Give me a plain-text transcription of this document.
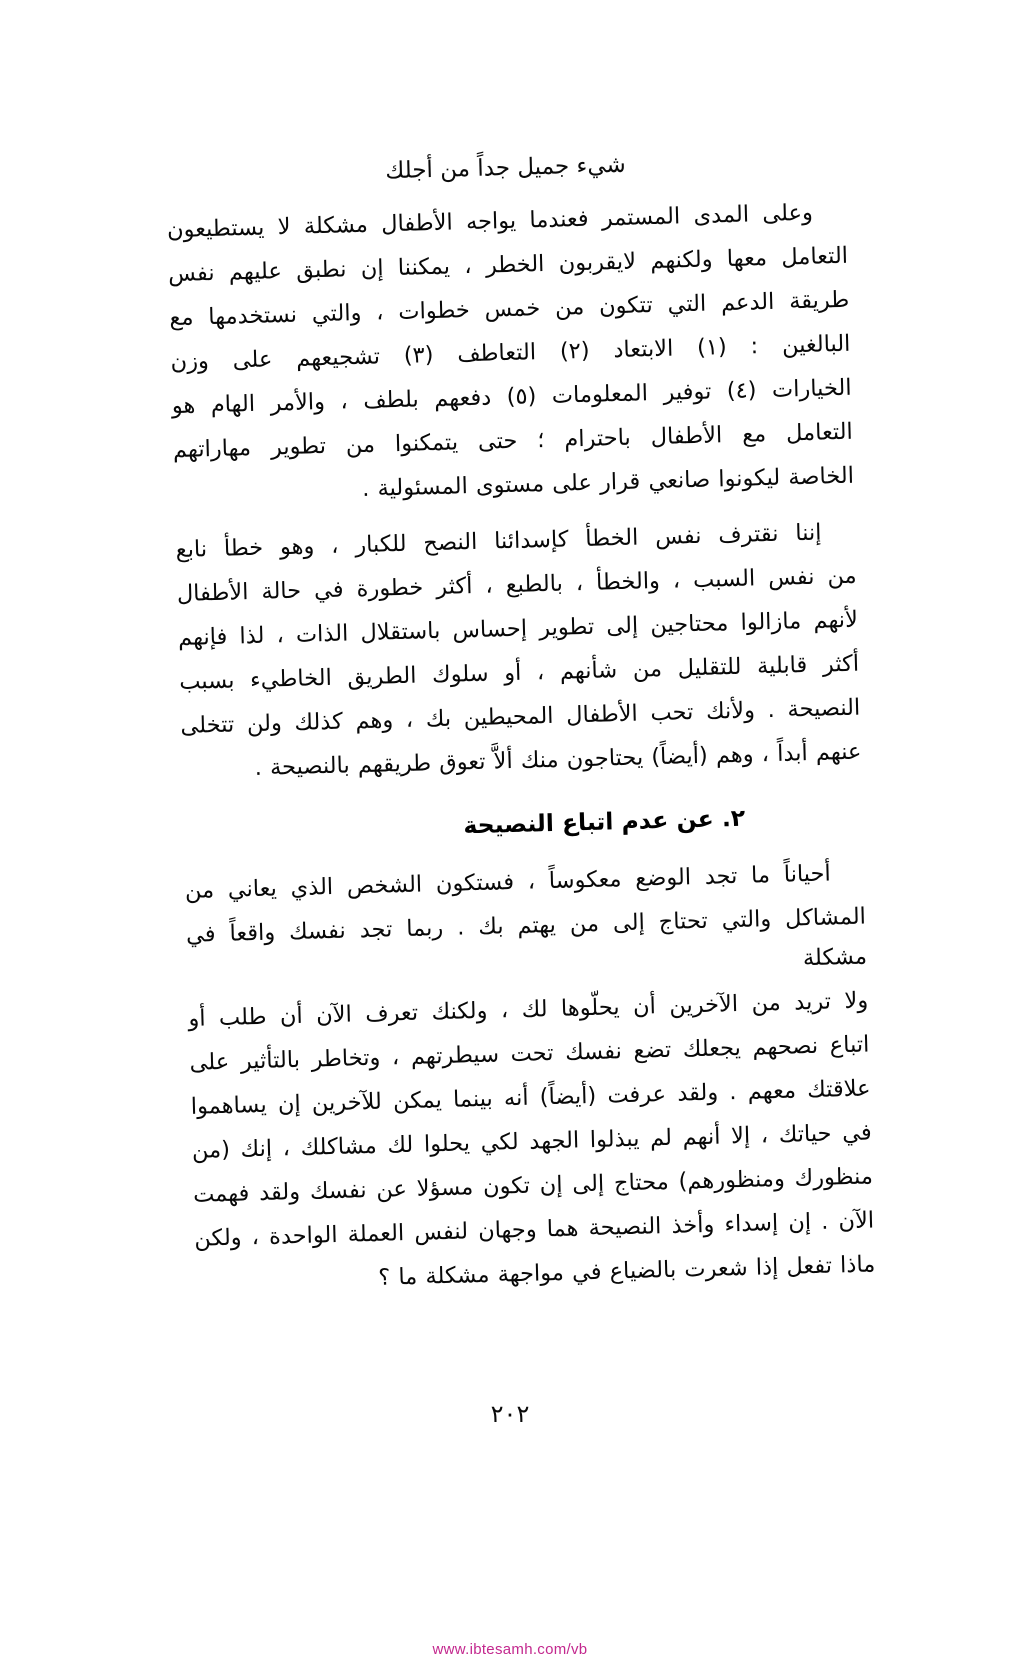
شيء جميل جداً من أجلك

وعلى المدى المستمر فعندما يواجه الأطفال مشكلة لا يستطيعون

التعامل معها ولكنهم لايقربون الخطر ، يمكننا إن نطبق عليهم نفس

طريقة الدعم التي تتكون من خمس خطوات ، والتي نستخدمها مع

البالغين : (١) الابتعاد (٢) التعاطف (٣) تشجيعهم على وزن

الخيارات (٤) توفير المعلومات (٥) دفعهم بلطف ، والأمر الهام هو

التعامل مع الأطفال باحترام ؛ حتى يتمكنوا من تطوير مهاراتهم

الخاصة ليكونوا صانعي قرار على مستوى المسئولية .

إننا نقترف نفس الخطأ كإسدائنا النصح للكبار ، وهو خطأ نابع

من نفس السبب ، والخطأ ، بالطبع ، أكثر خطورة في حالة الأطفال

لأنهم مازالوا محتاجين إلى تطوير إحساس باستقلال الذات ، لذا فإنهم

أكثر قابلية للتقليل من شأنهم ، أو سلوك الطريق الخاطيء بسبب

النصيحة . ولأنك تحب الأطفال المحيطين بك ، وهم كذلك ولن تتخلى

عنهم أبداً ، وهم (أيضاً) يحتاجون منك ألاَّ تعوق طريقهم بالنصيحة .

٢. عن عدم اتباع النصيحة

أحياناً ما تجد الوضع معكوساً ، فستكون الشخص الذي يعاني من

المشاكل والتي تحتاج إلى من يهتم بك . ربما تجد نفسك واقعاً في مشكلة

ولا تريد من الآخرين أن يحلّوها لك ، ولكنك تعرف الآن أن طلب أو

اتباع نصحهم يجعلك تضع نفسك تحت سيطرتهم ، وتخاطر بالتأثير على

علاقتك معهم . ولقد عرفت (أيضاً) أنه بينما يمكن للآخرين إن يساهموا

في حياتك ، إلا أنهم لم يبذلوا الجهد لكي يحلوا لك مشاكلك ، إنك (من

منظورك ومنظورهم) محتاج إلى إن تكون مسؤلا عن نفسك ولقد فهمت

الآن . إن إسداء وأخذ النصيحة هما وجهان لنفس العملة الواحدة ، ولكن

ماذا تفعل إذا شعرت بالضياع في مواجهة مشكلة ما ؟

٢٠٢
www.ibtesamh.com/vb
